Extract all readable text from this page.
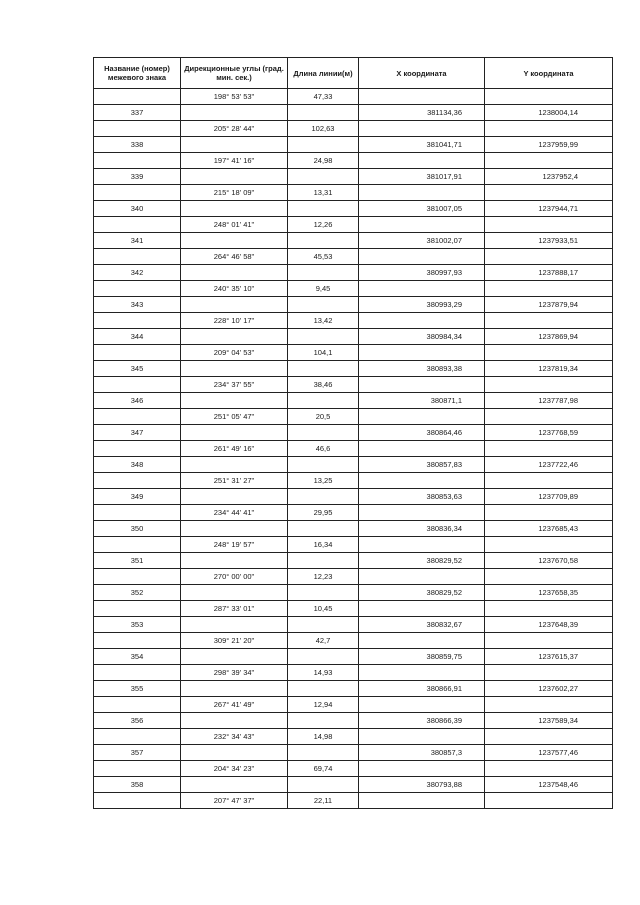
Название (номер) межевого знака	Дирекционные углы (град. мин. сек.)	Длина линии(м)	X координата	Y координата
	198° 53' 53"	47,33		
337			381134,36	1238004,14
	205° 28' 44"	102,63		
338			381041,71	1237959,99
	197° 41' 16"	24,98		
339			381017,91	1237952,4
	215° 18' 09"	13,31		
340			381007,05	1237944,71
	248° 01' 41"	12,26		
341			381002,07	1237933,51
	264° 46' 58"	45,53		
342			380997,93	1237888,17
	240° 35' 10"	9,45		
343			380993,29	1237879,94
	228° 10' 17"	13,42		
344			380984,34	1237869,94
	209° 04' 53"	104,1		
345			380893,38	1237819,34
	234° 37' 55"	38,46		
346			380871,1	1237787,98
	251° 05' 47"	20,5		
347			380864,46	1237768,59
	261° 49' 16"	46,6		
348			380857,83	1237722,46
	251° 31' 27"	13,25		
349			380853,63	1237709,89
	234° 44' 41"	29,95		
350			380836,34	1237685,43
	248° 19' 57"	16,34		
351			380829,52	1237670,58
	270° 00' 00"	12,23		
352			380829,52	1237658,35
	287° 33' 01"	10,45		
353			380832,67	1237648,39
	309° 21' 20"	42,7		
354			380859,75	1237615,37
	298° 39' 34"	14,93		
355			380866,91	1237602,27
	267° 41' 49"	12,94		
356			380866,39	1237589,34
	232° 34' 43"	14,98		
357			380857,3	1237577,46
	204° 34' 23"	69,74		
358			380793,88	1237548,46
	207° 47' 37"	22,11		
